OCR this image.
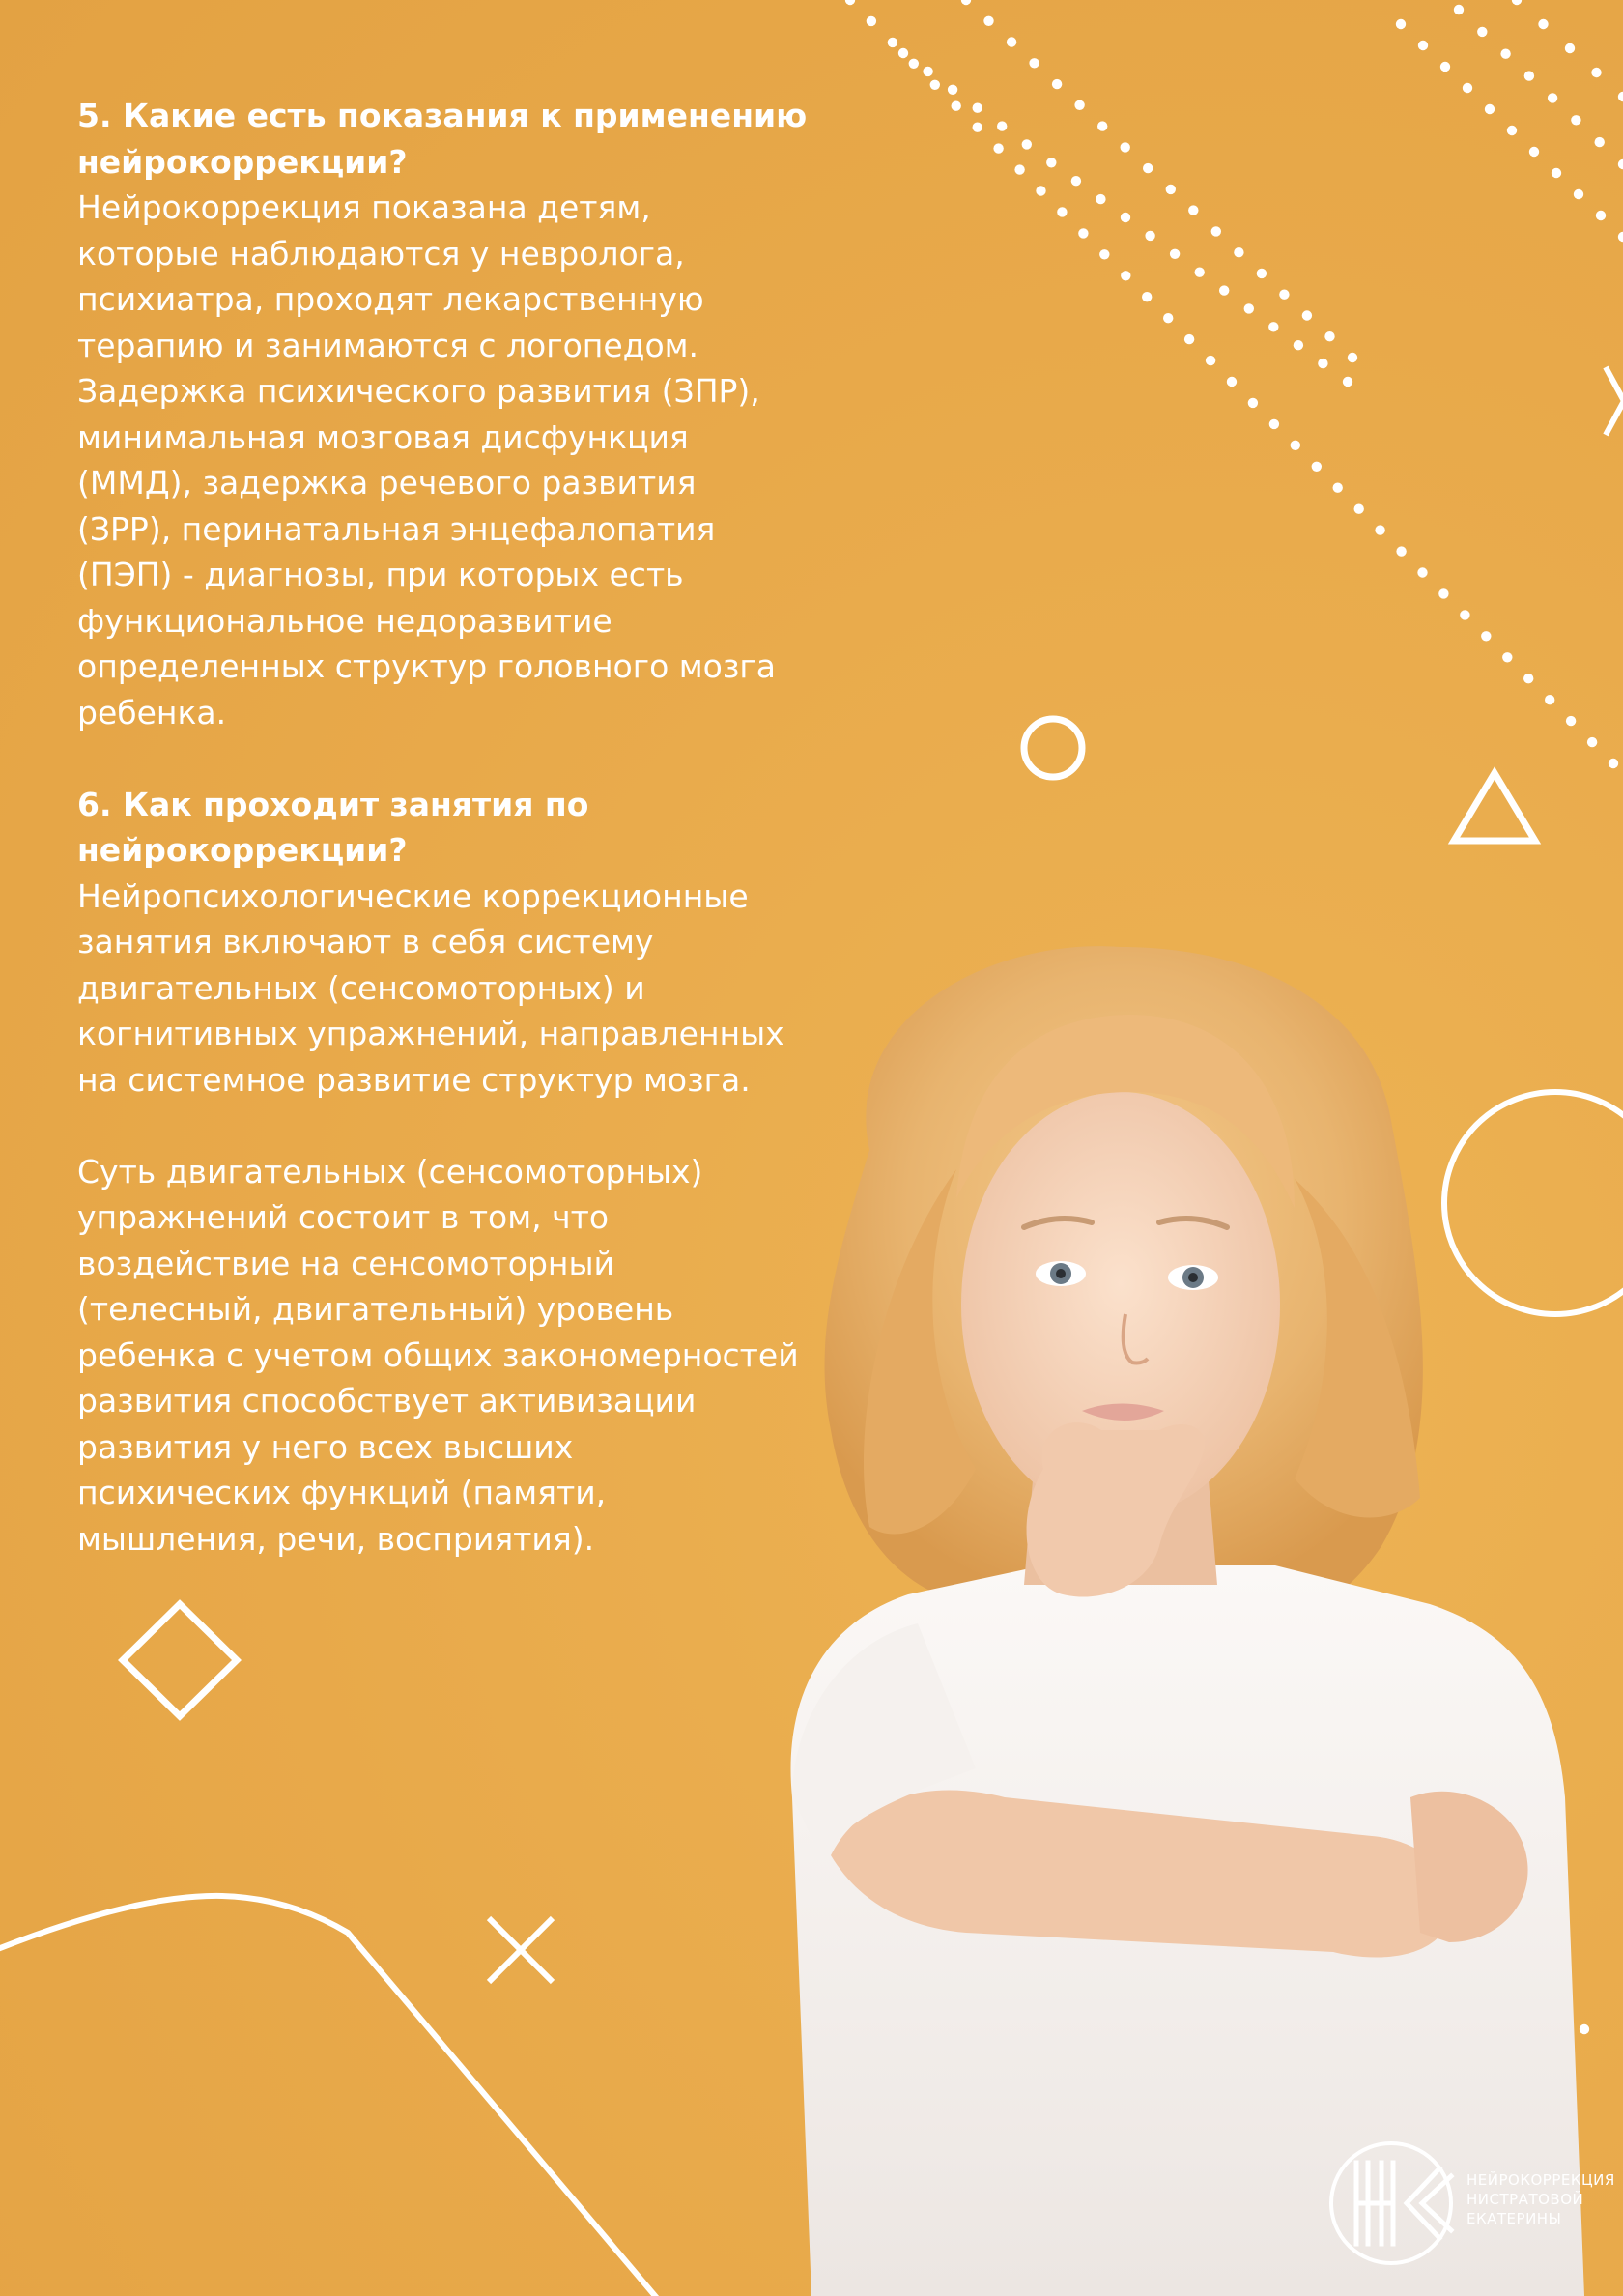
5. Какие есть показания к применению
нейрокоррекции?

Нейрокоррекция показана детям,
которые наблюдаются у невролога,
психиатра, проходят лекарственную
терапию и занимаются с логопедом.
Задержка психического развития (ЗПР),
минимальная мозговая дисфункция
(ММД), задержка речевого развития
(ЗРР), перинатальная энцефалопатия
(ПЭП) - диагнозы, при которых есть
функциональное недоразвитие
определенных структур головного мозга
ребенка.

6. Как проходит занятия по
нейрокоррекции?

Нейропсихологические коррекционные
занятия включают в себя систему
двигательных (сенсомоторных) и
когнитивных упражнений, направленных
на системное развитие структур мозга.

Суть двигательных (сенсомоторных)
упражнений состоит в том, что
воздействие на сенсомоторный
(телесный, двигательный) уровень
ребенка с учетом общих закономерностей
развития способствует активизации
развития у него всех высших
психических функций (памяти,
мышления, речи, восприятия).

НЕЙРОКОРРЕКЦИЯ
НИСТРАТОВОЙ
ЕКАТЕРИНЫ
